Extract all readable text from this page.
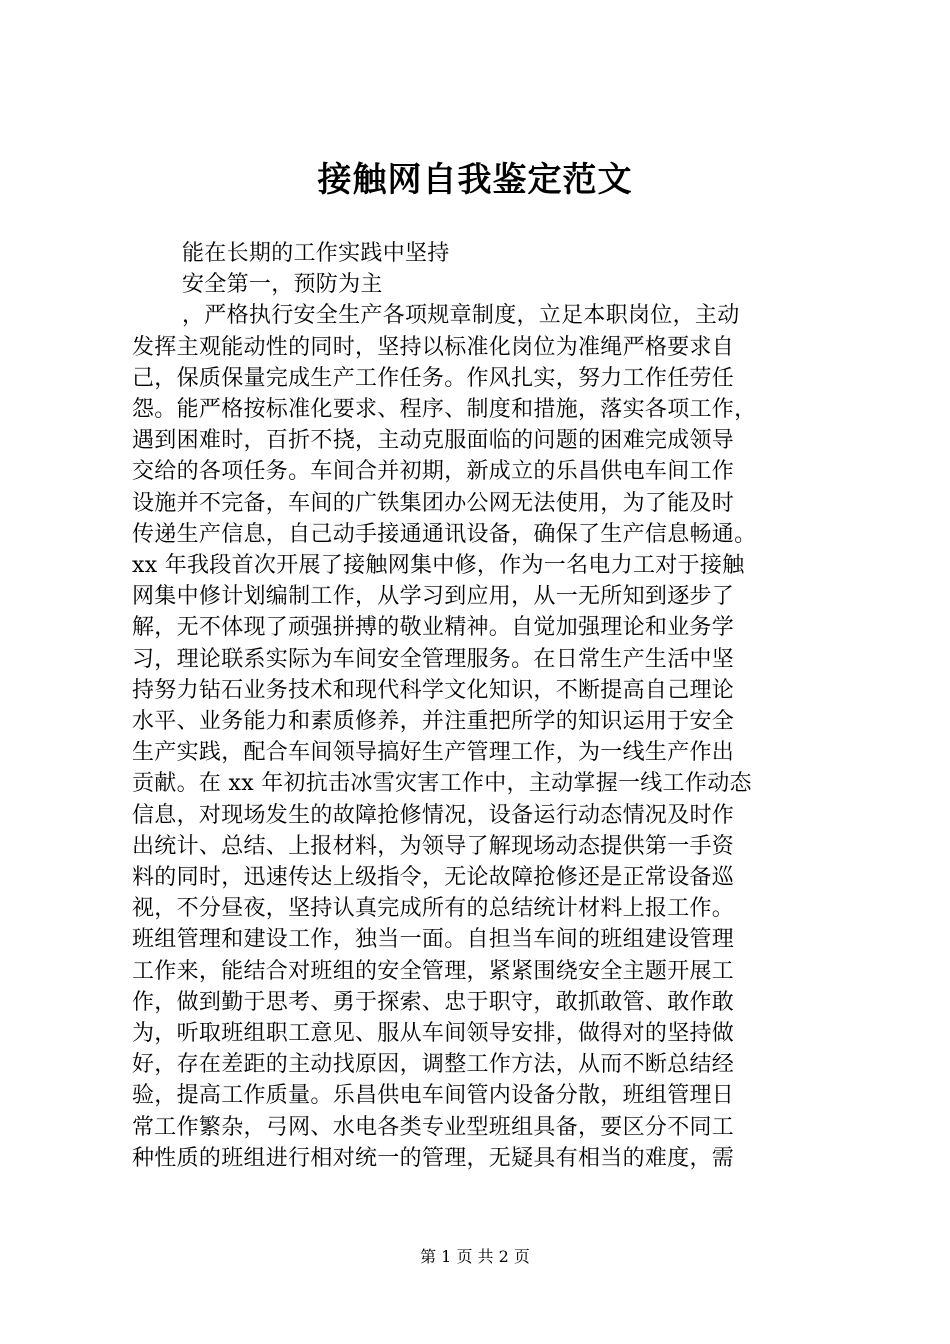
接触网自我鉴定范文
能在长期的工作实践中坚持
安全第一，预防为主
，严格执行安全生产各项规章制度，立足本职岗位，主动
发挥主观能动性的同时，坚持以标准化岗位为准绳严格要求自
己，保质保量完成生产工作任务。作风扎实，努力工作任劳任
怨。能严格按标准化要求、程序、制度和措施，落实各项工作，
遇到困难时，百折不挠，主动克服面临的问题的困难完成领导
交给的各项任务。车间合并初期，新成立的乐昌供电车间工作
设施并不完备，车间的广铁集团办公网无法使用，为了能及时
传递生产信息，自己动手接通通讯设备，确保了生产信息畅通。
xx 年我段首次开展了接触网集中修，作为一名电力工对于接触
网集中修计划编制工作，从学习到应用，从一无所知到逐步了
解，无不体现了顽强拼搏的敬业精神。自觉加强理论和业务学
习，理论联系实际为车间安全管理服务。在日常生产生活中坚
持努力钻石业务技术和现代科学文化知识，不断提高自己理论
水平、业务能力和素质修养，并注重把所学的知识运用于安全
生产实践，配合车间领导搞好生产管理工作，为一线生产作出
贡献。在 xx 年初抗击冰雪灾害工作中，主动掌握一线工作动态
信息，对现场发生的故障抢修情况，设备运行动态情况及时作
出统计、总结、上报材料，为领导了解现场动态提供第一手资
料的同时，迅速传达上级指令，无论故障抢修还是正常设备巡
视，不分昼夜，坚持认真完成所有的总结统计材料上报工作。
班组管理和建设工作，独当一面。自担当车间的班组建设管理
工作来，能结合对班组的安全管理，紧紧围绕安全主题开展工
作，做到勤于思考、勇于探索、忠于职守，敢抓敢管、敢作敢
为，听取班组职工意见、服从车间领导安排，做得对的坚持做
好，存在差距的主动找原因，调整工作方法，从而不断总结经
验，提高工作质量。乐昌供电车间管内设备分散，班组管理日
常工作繁杂，弓网、水电各类专业型班组具备，要区分不同工
种性质的班组进行相对统一的管理，无疑具有相当的难度，需
第 1 页 共 2 页
